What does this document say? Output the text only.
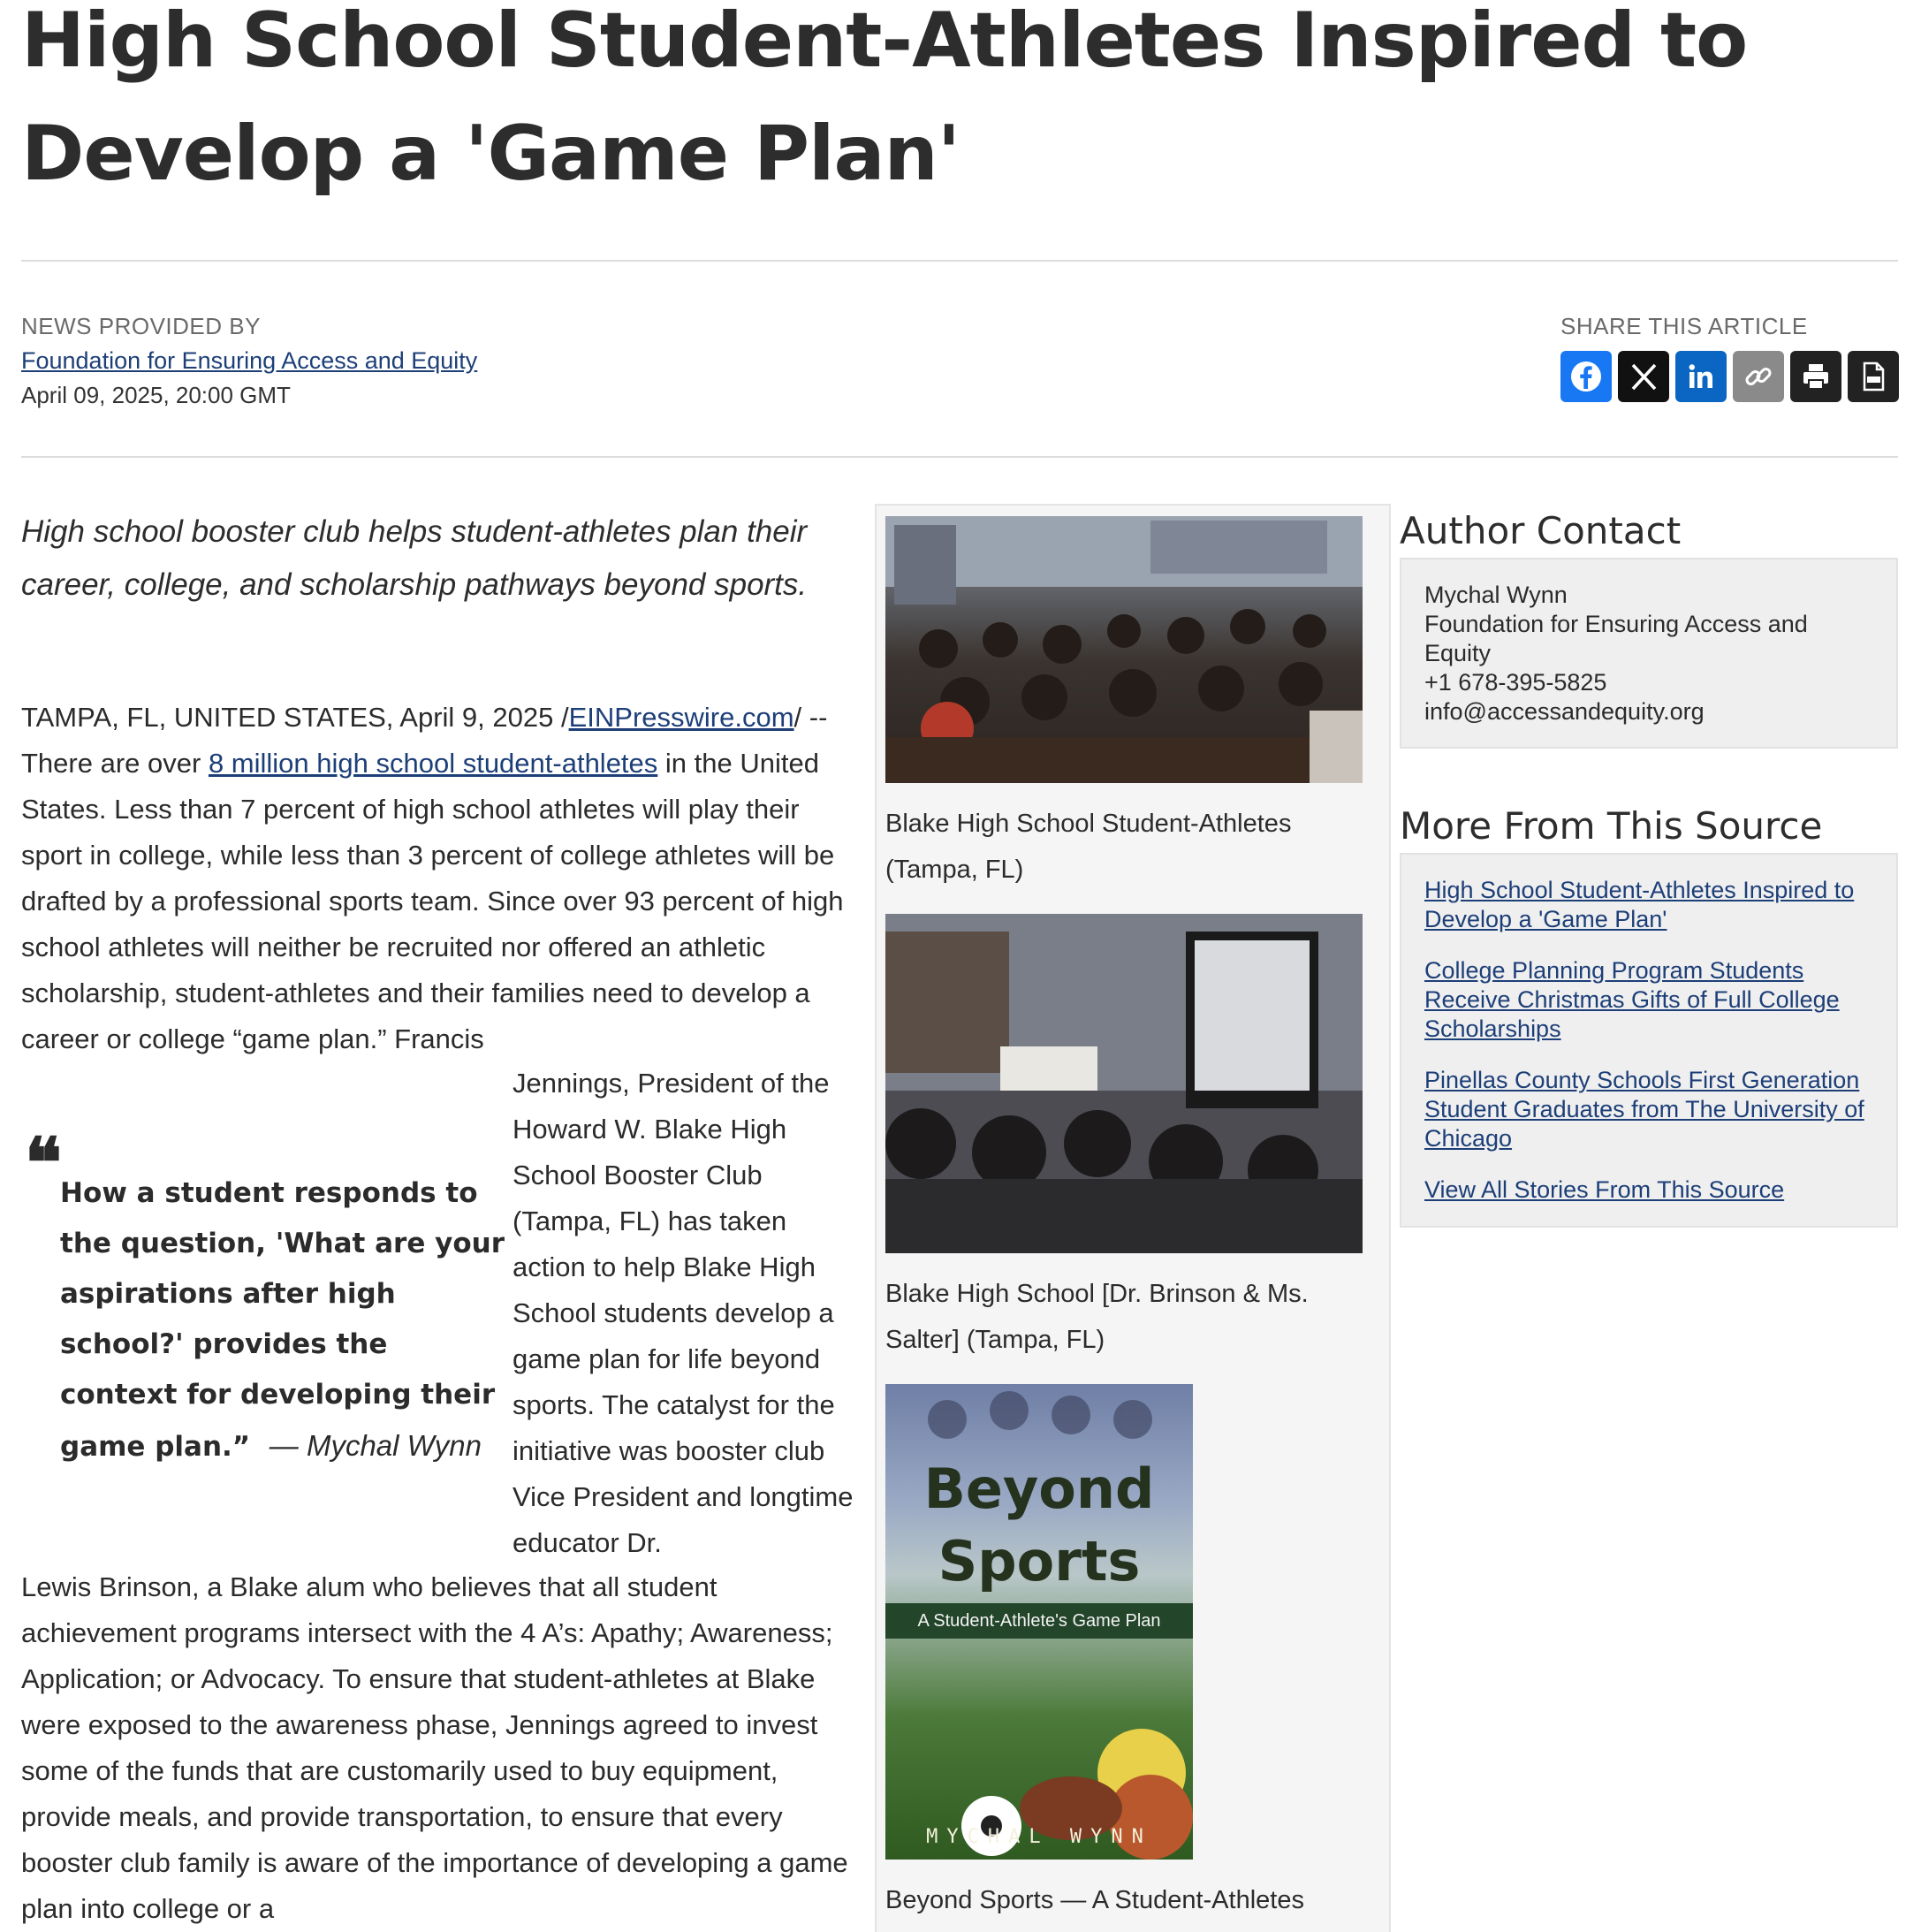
High School Student-Athletes Inspired to Develop a 'Game Plan'
NEWS PROVIDED BY
Foundation for Ensuring Access and Equity
April 09, 2025, 20:00 GMT
SHARE THIS ARTICLE
High school booster club helps student-athletes plan their career, college, and scholarship pathways beyond sports.
TAMPA, FL, UNITED STATES, April 9, 2025 /EINPresswire.com/ -- There are over 8 million high school student-athletes in the United States. Less than 7 percent of high school athletes will play their sport in college, while less than 3 percent of college athletes will be drafted by a professional sports team. Since over 93 percent of high school athletes will neither be recruited nor offered an athletic scholarship, student-athletes and their families need to develop a career or college “game plan.” Francis
Jennings, President of the Howard W. Blake High School Booster Club (Tampa, FL) has taken action to help Blake High School students develop a game plan for life beyond sports. The catalyst for the initiative was booster club Vice President and longtime educator Dr.
❝
How a student responds to the question, 'What are your aspirations after high school?' provides the context for developing their game plan.” — Mychal Wynn
Lewis Brinson, a Blake alum who believes that all student achievement programs intersect with the 4 A’s: Apathy; Awareness; Application; or Advocacy. To ensure that student-athletes at Blake were exposed to the awareness phase, Jennings agreed to invest some of the funds that are customarily used to buy equipment, provide meals, and provide transportation, to ensure that every booster club family is aware of the importance of developing a game plan into college or a
Blake High School Student-Athletes (Tampa, FL)
Blake High School [Dr. Brinson & Ms. Salter] (Tampa, FL)
Beyond
Sports
A Student-Athlete's Game Plan
MYCHAL WYNN
Beyond Sports — A Student-Athletes
Author Contact
Mychal Wynn
Foundation for Ensuring Access and Equity
+1 678-395-5825
info@accessandequity.org
More From This Source
High School Student-Athletes Inspired to Develop a 'Game Plan'
College Planning Program Students Receive Christmas Gifts of Full College Scholarships
Pinellas County Schools First Generation Student Graduates from The University of Chicago
View All Stories From This Source
